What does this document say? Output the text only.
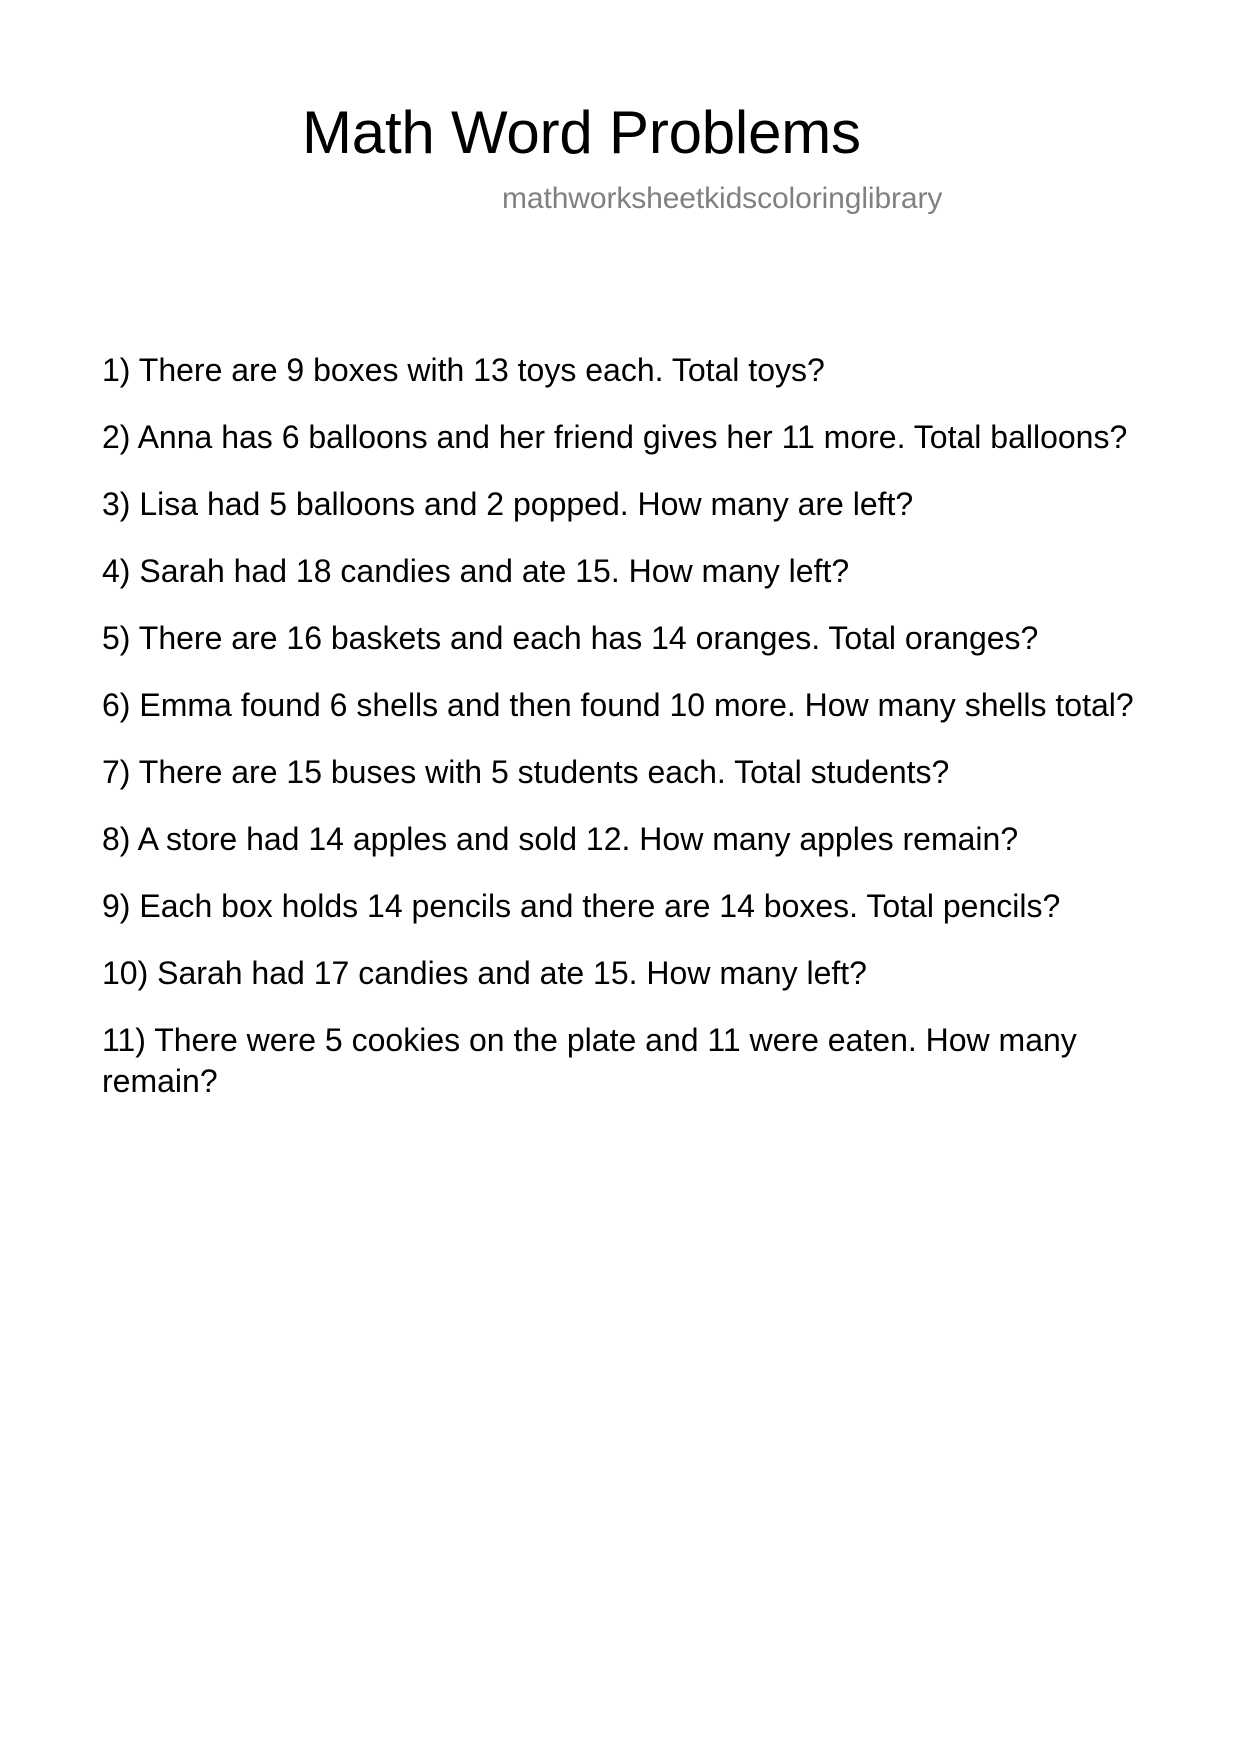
Math Word Problems
mathworksheetkidscoloringlibrary
1) There are 9 boxes with 13 toys each. Total toys?
2) Anna has 6 balloons and her friend gives her 11 more. Total balloons?
3) Lisa had 5 balloons and 2 popped. How many are left?
4) Sarah had 18 candies and ate 15. How many left?
5) There are 16 baskets and each has 14 oranges. Total oranges?
6) Emma found 6 shells and then found 10 more. How many shells total?
7) There are 15 buses with 5 students each. Total students?
8) A store had 14 apples and sold 12. How many apples remain?
9) Each box holds 14 pencils and there are 14 boxes. Total pencils?
10) Sarah had 17 candies and ate 15. How many left?
11) There were 5 cookies on the plate and 11 were eaten. How many remain?
